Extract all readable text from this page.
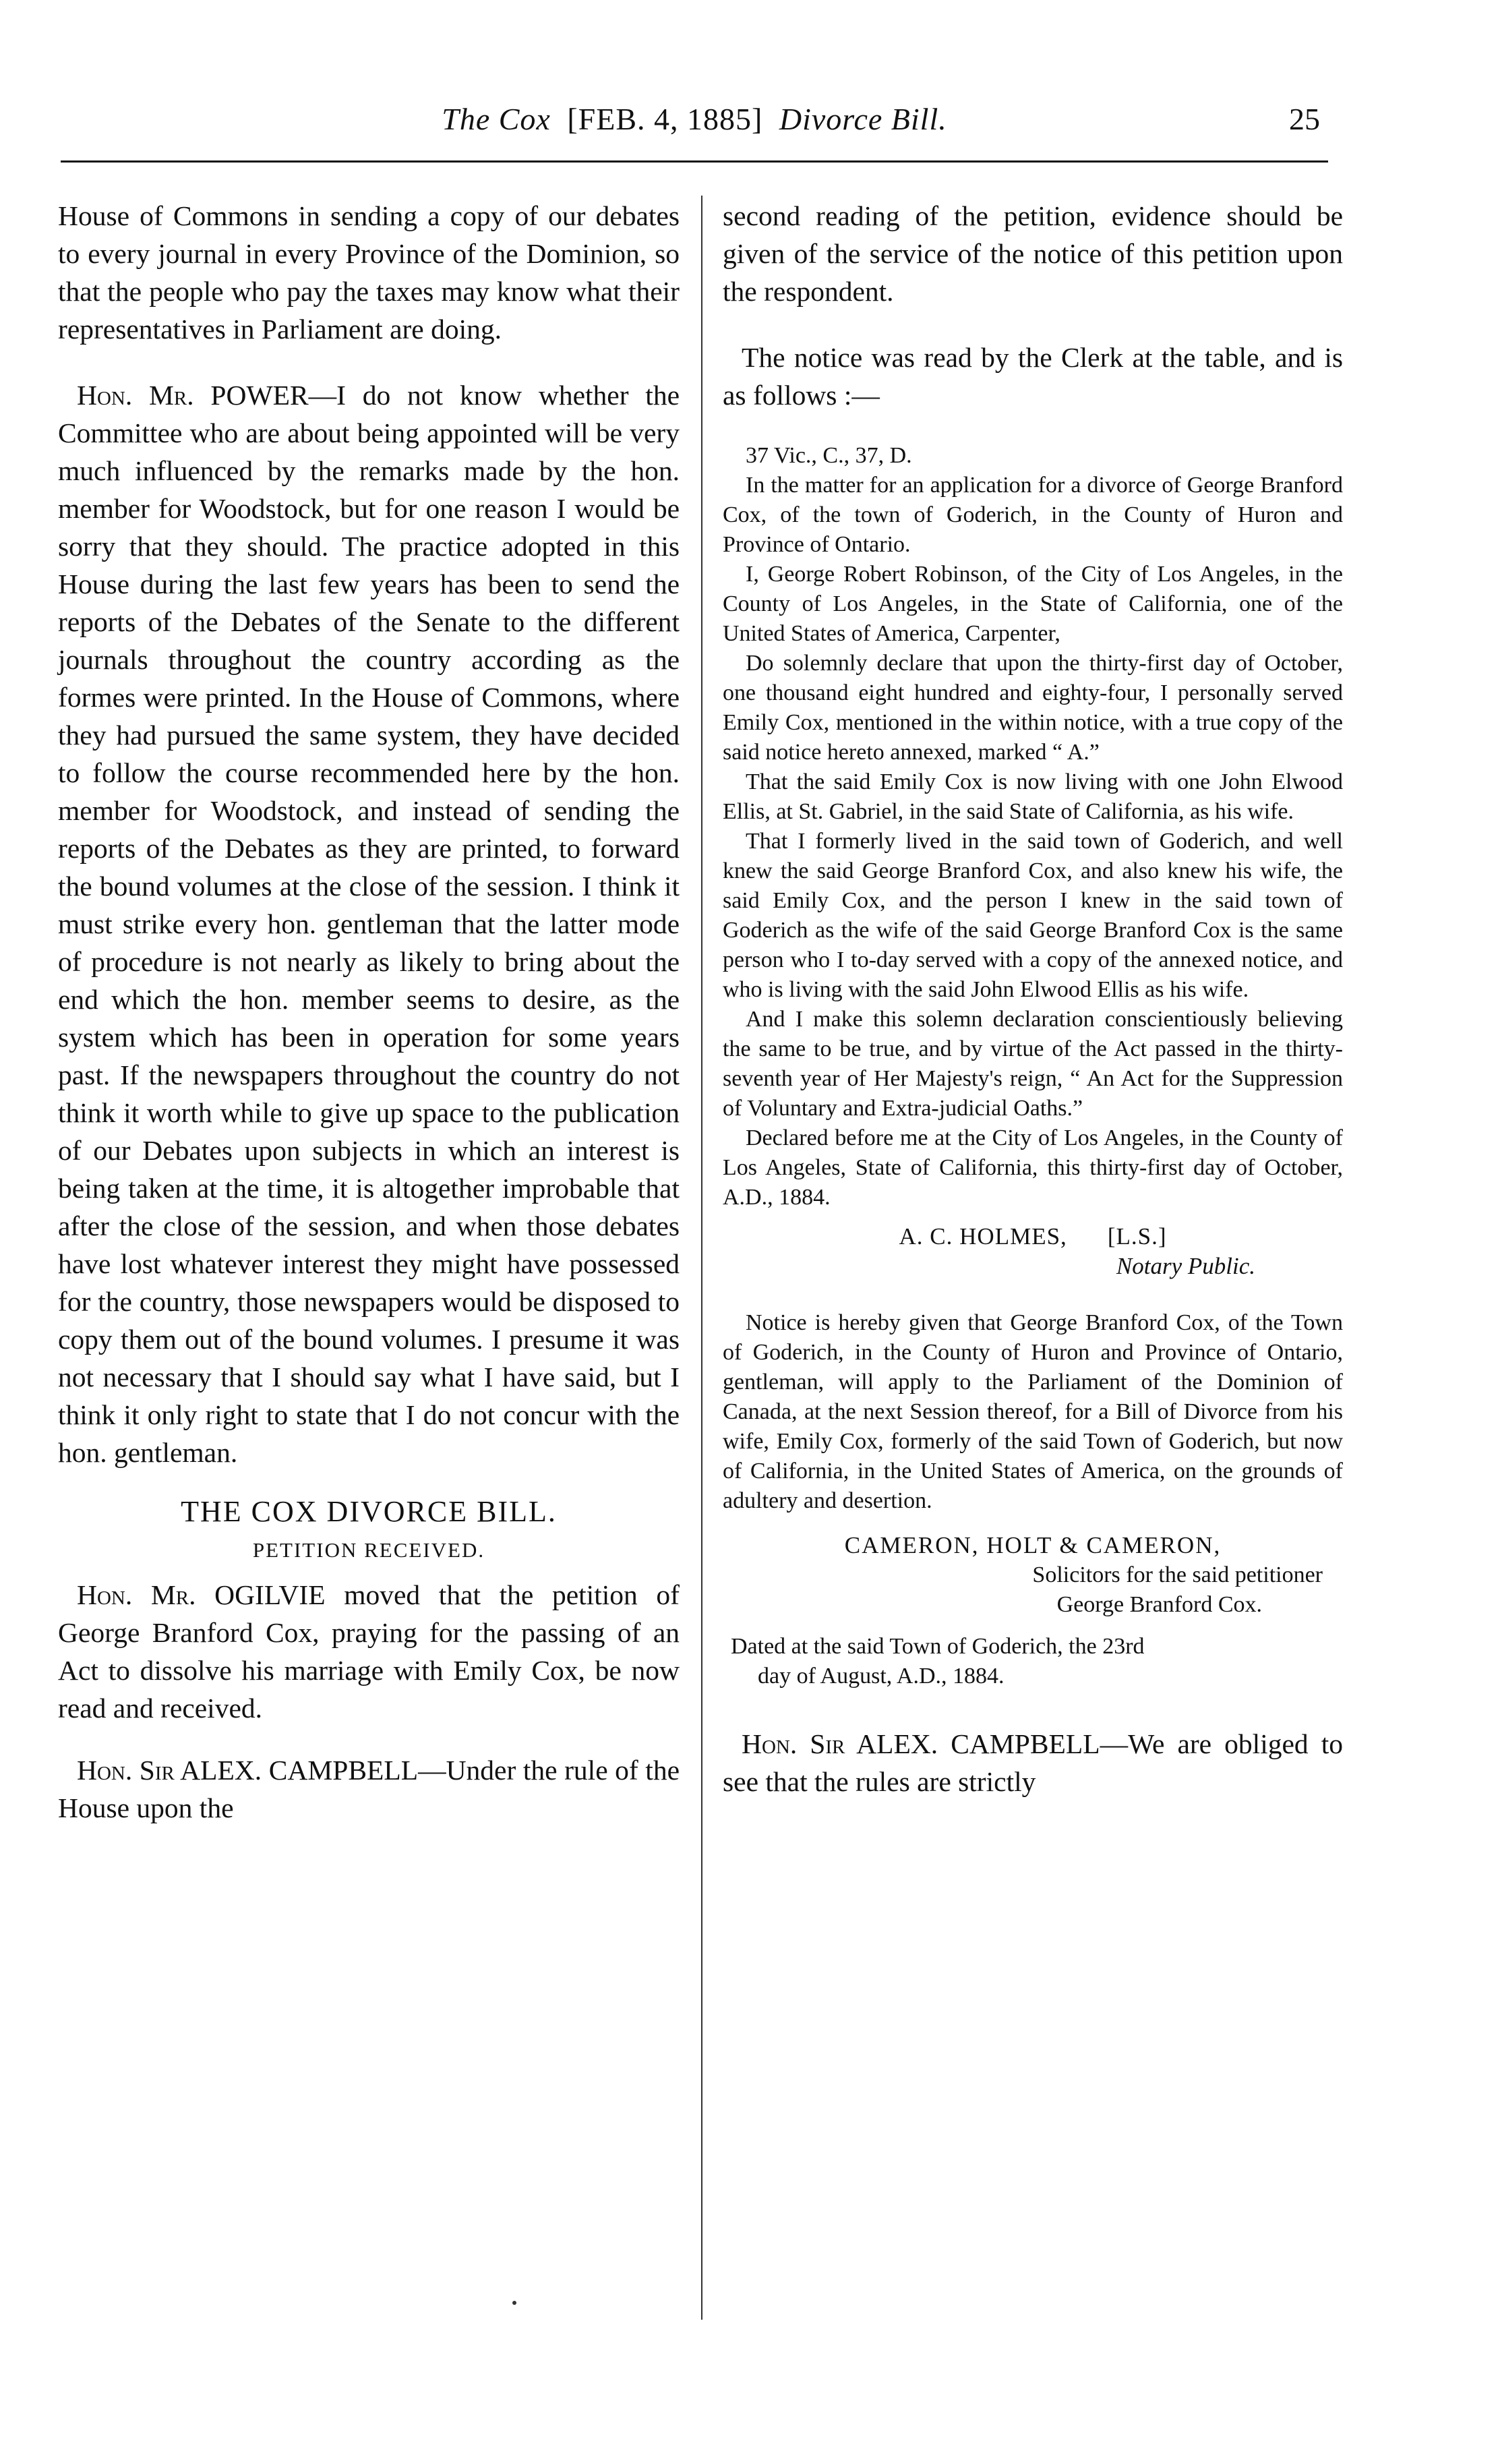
The Cox [FEB. 4, 1885] Divorce Bill.	25

House of Commons in sending a copy of our debates to every journal in every Province of the Dominion, so that the people who pay the taxes may know what their representatives in Parliament are doing.

Hon. Mr. POWER—I do not know whether the Committee who are about being appointed will be very much influenced by the remarks made by the hon. member for Woodstock, but for one reason I would be sorry that they should. The practice adopted in this House during the last few years has been to send the reports of the Debates of the Senate to the different journals throughout the country according as the formes were printed. In the House of Commons, where they had pursued the same system, they have decided to follow the course recommended here by the hon. member for Woodstock, and instead of sending the reports of the Debates as they are printed, to forward the bound volumes at the close of the session. I think it must strike every hon. gentleman that the latter mode of procedure is not nearly as likely to bring about the end which the hon. member seems to desire, as the system which has been in operation for some years past. If the newspapers throughout the country do not think it worth while to give up space to the publication of our Debates upon subjects in which an interest is being taken at the time, it is altogether improbable that after the close of the session, and when those debates have lost whatever interest they might have possessed for the country, those newspapers would be disposed to copy them out of the bound volumes. I presume it was not necessary that I should say what I have said, but I think it only right to state that I do not concur with the hon. gentleman.

THE COX DIVORCE BILL.
PETITION RECEIVED.

Hon. Mr. OGILVIE moved that the petition of George Branford Cox, praying for the passing of an Act to dissolve his marriage with Emily Cox, be now read and received.

Hon. Sir ALEX. CAMPBELL—Under the rule of the House upon the

second reading of the petition, evidence should be given of the service of the notice of this petition upon the respondent.

The notice was read by the Clerk at the table, and is as follows :—

37 Vic., C., 37, D.

In the matter for an application for a divorce of George Branford Cox, of the town of Goderich, in the County of Huron and Province of Ontario.

I, George Robert Robinson, of the City of Los Angeles, in the County of Los Angeles, in the State of California, one of the United States of America, Carpenter,

Do solemnly declare that upon the thirty-first day of October, one thousand eight hundred and eighty-four, I personally served Emily Cox, mentioned in the within notice, with a true copy of the said notice hereto annexed, marked “ A.”

That the said Emily Cox is now living with one John Elwood Ellis, at St. Gabriel, in the said State of California, as his wife.

That I formerly lived in the said town of Goderich, and well knew the said George Branford Cox, and also knew his wife, the said Emily Cox, and the person I knew in the said town of Goderich as the wife of the said George Branford Cox is the same person who I to-day served with a copy of the annexed notice, and who is living with the said John Elwood Ellis as his wife.

And I make this solemn declaration conscientiously believing the same to be true, and by virtue of the Act passed in the thirty-seventh year of Her Majesty's reign, “ An Act for the Suppression of Voluntary and Extra-judicial Oaths.”

Declared before me at the City of Los Angeles, in the County of Los Angeles, State of California, this thirty-first day of October, A.D., 1884.

A. C. HOLMES, [L.S.]
Notary Public.

Notice is hereby given that George Branford Cox, of the Town of Goderich, in the County of Huron and Province of Ontario, gentleman, will apply to the Parliament of the Dominion of Canada, at the next Session thereof, for a Bill of Divorce from his wife, Emily Cox, formerly of the said Town of Goderich, but now of California, in the United States of America, on the grounds of adultery and desertion.

CAMERON, HOLT & CAMERON,
Solicitors for the said petitioner
George Branford Cox.
Dated at the said Town of Goderich, the 23rd
day of August, A.D., 1884.

Hon. Sir ALEX. CAMPBELL—We are obliged to see that the rules are strictly
